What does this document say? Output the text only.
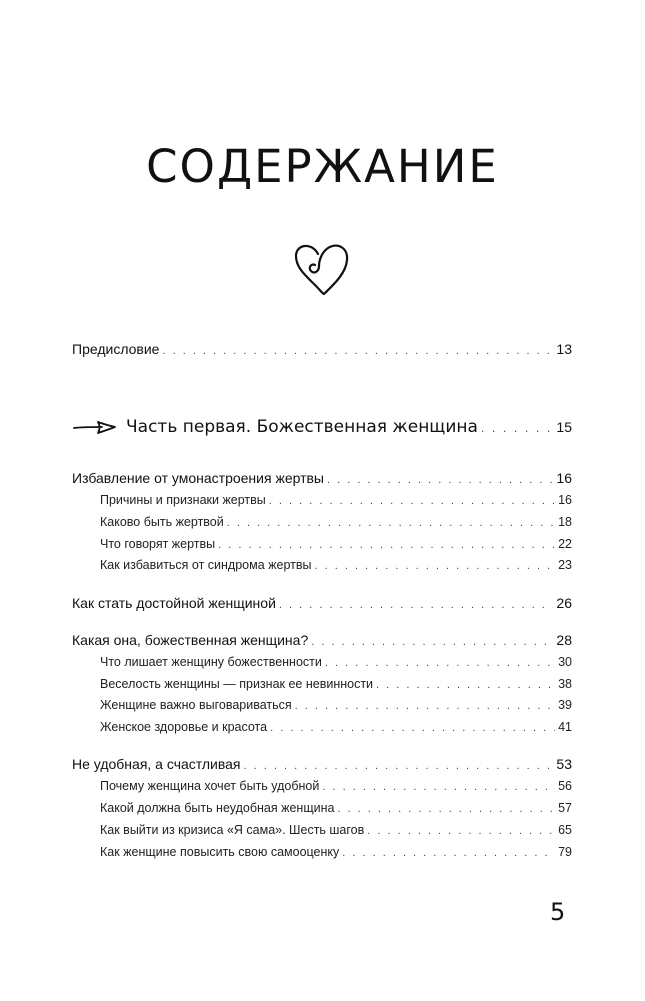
СОДЕРЖАНИЕ
Предисловие . . .	13
Часть первая. Божественная женщина . . .	15
Избавление от умонастроения жертвы . . .	16
Причины и признаки жертвы . . .	16
Каково быть жертвой . . .	18
Что говорят жертвы . . .	22
Как избавиться от синдрома жертвы . . .	23
Как стать достойной женщиной . . .	26
Какая она, божественная женщина? . . .	28
Что лишает женщину божественности . . .	30
Веселость женщины — признак ее невинности . . .	38
Женщине важно выговариваться . . .	39
Женское здоровье и красота . . .	41
Не удобная, а счастливая . . .	53
Почему женщина хочет быть удобной . . .	56
Какой должна быть неудобная женщина . . .	57
Как выйти из кризиса «Я сама». Шесть шагов . . .	65
Как женщине повысить свою самооценку . . .	79
5
